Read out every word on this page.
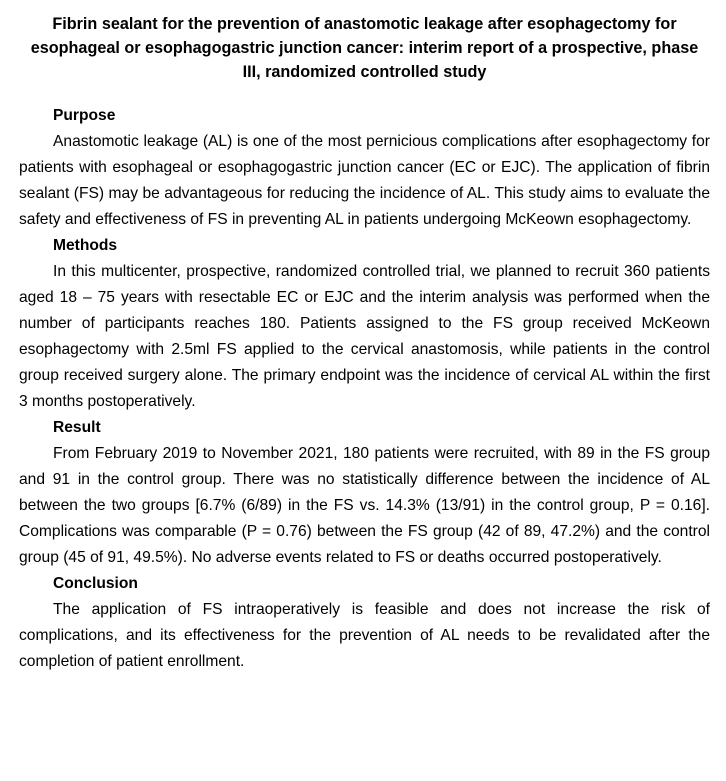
Fibrin sealant for the prevention of anastomotic leakage after esophagectomy for esophageal or esophagogastric junction cancer: interim report of a prospective, phase III, randomized controlled study
Purpose

Anastomotic leakage (AL) is one of the most pernicious complications after esophagectomy for patients with esophageal or esophagogastric junction cancer (EC or EJC). The application of fibrin sealant (FS) may be advantageous for reducing the incidence of AL. This study aims to evaluate the safety and effectiveness of FS in preventing AL in patients undergoing McKeown esophagectomy.

Methods

In this multicenter, prospective, randomized controlled trial, we planned to recruit 360 patients aged 18 – 75 years with resectable EC or EJC and the interim analysis was performed when the number of participants reaches 180. Patients assigned to the FS group received McKeown esophagectomy with 2.5ml FS applied to the cervical anastomosis, while patients in the control group received surgery alone. The primary endpoint was the incidence of cervical AL within the first 3 months postoperatively.

Result

From February 2019 to November 2021, 180 patients were recruited, with 89 in the FS group and 91 in the control group. There was no statistically difference between the incidence of AL between the two groups [6.7% (6/89) in the FS vs. 14.3% (13/91) in the control group, P = 0.16]. Complications was comparable (P = 0.76) between the FS group (42 of 89, 47.2%) and the control group (45 of 91, 49.5%). No adverse events related to FS or deaths occurred postoperatively.

Conclusion

The application of FS intraoperatively is feasible and does not increase the risk of complications, and its effectiveness for the prevention of AL needs to be revalidated after the completion of patient enrollment.
